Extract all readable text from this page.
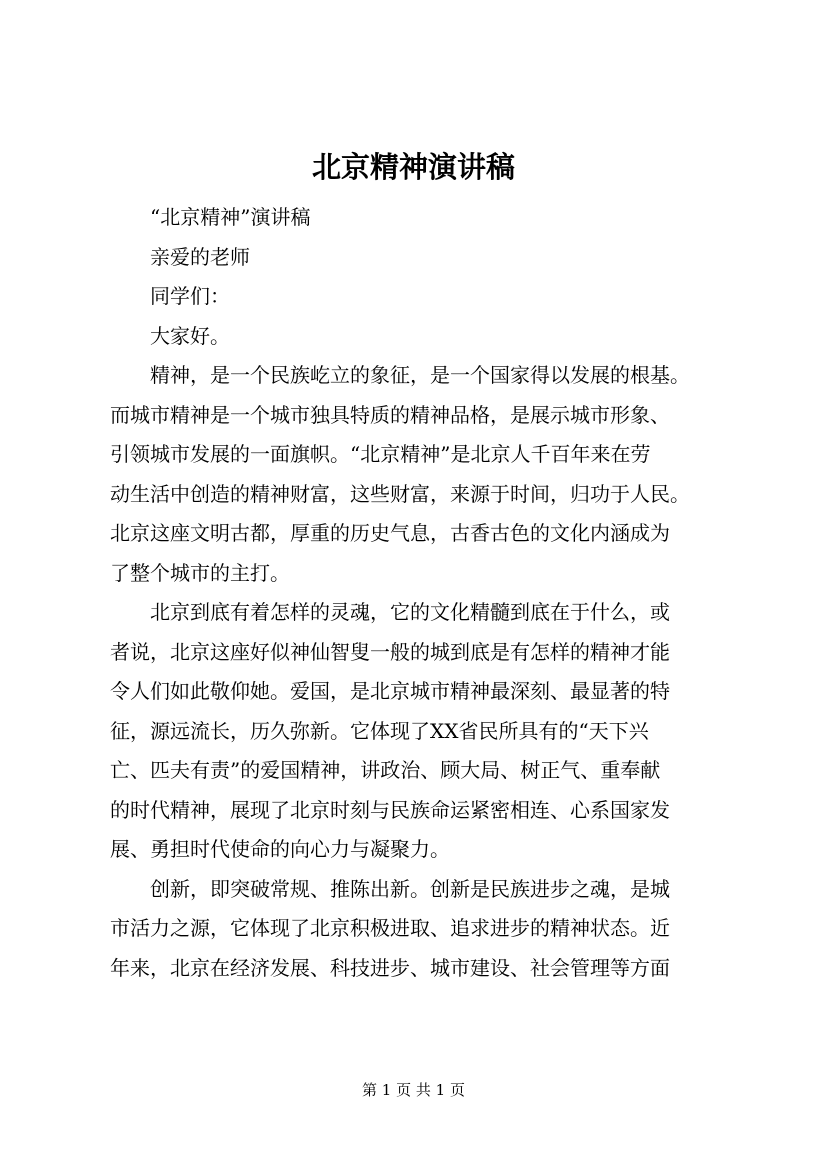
北京精神演讲稿

“北京精神”演讲稿

亲爱的老师

同学们：

大家好。

精神，是一个民族屹立的象征，是一个国家得以发展的根基。
而城市精神是一个城市独具特质的精神品格，是展示城市形象、
引领城市发展的一面旗帜。“北京精神”是北京人千百年来在劳
动生活中创造的精神财富，这些财富，来源于时间，归功于人民。
北京这座文明古都，厚重的历史气息，古香古色的文化内涵成为
了整个城市的主打。

北京到底有着怎样的灵魂，它的文化精髓到底在于什么，或
者说，北京这座好似神仙智叟一般的城到底是有怎样的精神才能
令人们如此敬仰她。爱国，是北京城市精神最深刻、最显著的特
征，源远流长，历久弥新。它体现了XX省民所具有的“天下兴
亡、匹夫有责”的爱国精神，讲政治、顾大局、树正气、重奉献
的时代精神，展现了北京时刻与民族命运紧密相连、心系国家发
展、勇担时代使命的向心力与凝聚力。

创新，即突破常规、推陈出新。创新是民族进步之魂，是城
市活力之源，它体现了北京积极进取、追求进步的精神状态。近
年来，北京在经济发展、科技进步、城市建设、社会管理等方面

第 1 页 共 1 页
